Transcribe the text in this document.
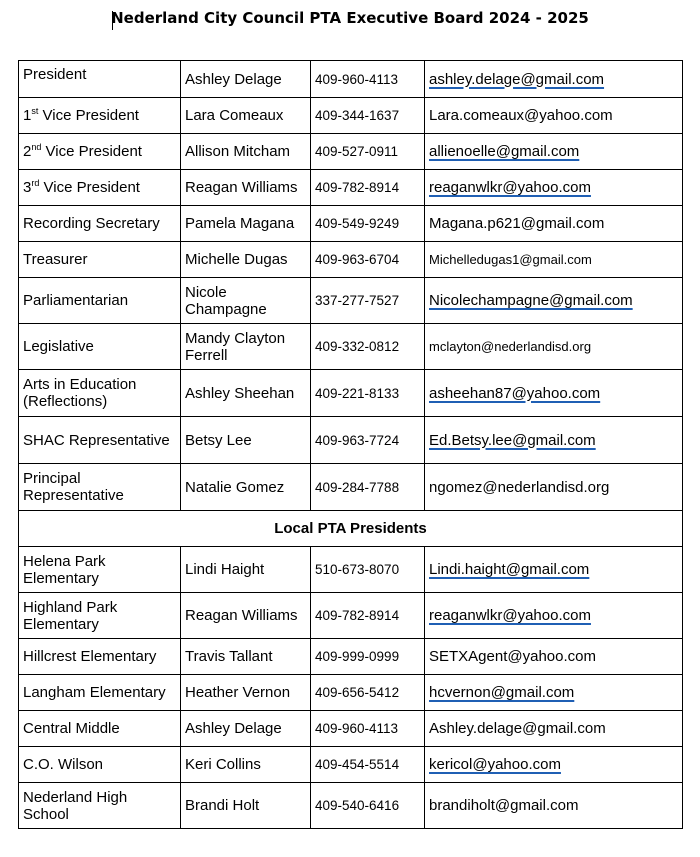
Nederland City Council PTA Executive Board 2024 - 2025
President	Ashley Delage	409-960-4113	ashley.delage@gmail.com
1st Vice President	Lara Comeaux	409-344-1637	Lara.comeaux@yahoo.com
2nd Vice President	Allison Mitcham	409-527-0911	allienoelle@gmail.com
3rd Vice President	Reagan Williams	409-782-8914	reaganwlkr@yahoo.com
Recording Secretary	Pamela Magana	409-549-9249	Magana.p621@gmail.com
Treasurer	Michelle Dugas	409-963-6704	Michelledugas1@gmail.com
Parliamentarian	Nicole Champagne	337-277-7527	Nicolechampagne@gmail.com
Legislative	Mandy Clayton Ferrell	409-332-0812	mclayton@nederlandisd.org
Arts in Education (Reflections)	Ashley Sheehan	409-221-8133	asheehan87@yahoo.com
SHAC Representative	Betsy Lee	409-963-7724	Ed.Betsy.lee@gmail.com
Principal Representative	Natalie Gomez	409-284-7788	ngomez@nederlandisd.org
Local PTA Presidents			
Helena Park Elementary	Lindi Haight	510-673-8070	Lindi.haight@gmail.com
Highland Park Elementary	Reagan Williams	409-782-8914	reaganwlkr@yahoo.com
Hillcrest Elementary	Travis Tallant	409-999-0999	SETXAgent@yahoo.com
Langham Elementary	Heather Vernon	409-656-5412	hcvernon@gmail.com
Central Middle	Ashley Delage	409-960-4113	Ashley.delage@gmail.com
C.O. Wilson	Keri Collins	409-454-5514	kericol@yahoo.com
Nederland High School	Brandi Holt	409-540-6416	brandiholt@gmail.com
